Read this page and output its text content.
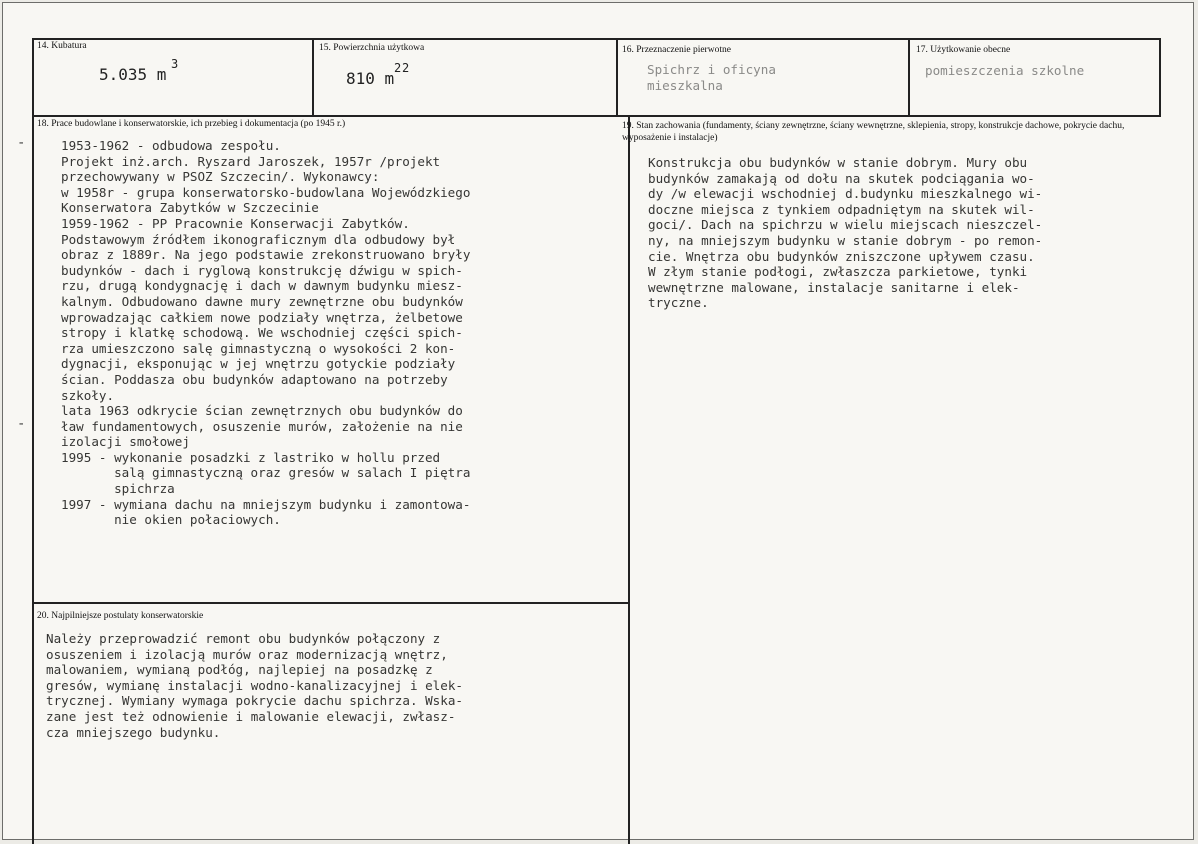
14. Kubatura
5.035 m
3
15. Powierzchnia użytkowa
810 m
2 2
16. Przeznaczenie pierwotne
Spichrz i oficyna
mieszkalna
17. Użytkowanie obecne
pomieszczenia szkolne
18. Prace budowlane i konserwatorskie, ich przebieg i dokumentacja (po 1945 r.)
-
-
1953-1962 - odbudowa zespołu.
Projekt inż.arch. Ryszard Jaroszek, 1957r /projekt
przechowywany w PSOZ Szczecin/. Wykonawcy:
w 1958r - grupa konserwatorsko-budowlana Wojewódzkiego
Konserwatora Zabytków w Szczecinie
1959-1962 - PP Pracownie Konserwacji Zabytków.
Podstawowym źródłem ikonograficznym dla odbudowy był
obraz z 1889r. Na jego podstawie zrekonstruowano bryły
budynków - dach i ryglową konstrukcję dźwigu w spich-
rzu, drugą kondygnację i dach w dawnym budynku miesz-
kalnym. Odbudowano dawne mury zewnętrzne obu budynków
wprowadzając całkiem nowe podziały wnętrza, żelbetowe
stropy i klatkę schodową. We wschodniej części spich-
rza umieszczono salę gimnastyczną o wysokości 2 kon-
dygnacji, eksponując w jej wnętrzu gotyckie podziały
ścian. Poddasza obu budynków adaptowano na potrzeby
szkoły.
lata 1963 odkrycie ścian zewnętrznych obu budynków do
ław fundamentowych, osuszenie murów, założenie na nie
izolacji smołowej
1995 - wykonanie posadzki z lastriko w hollu przed
salą gimnastyczną oraz gresów w salach I piętra
spichrza
1997 - wymiana dachu na mniejszym budynku i zamontowa-
nie okien połaciowych.
19. Stan zachowania (fundamenty, ściany zewnętrzne, ściany wewnętrzne, sklepienia, stropy, konstrukcje dachowe, pokrycie dachu, wyposażenie i instalacje)
Konstrukcja obu budynków w stanie dobrym. Mury obu
budynków zamakają od dołu na skutek podciągania wo-
dy /w elewacji wschodniej d.budynku mieszkalnego wi-
doczne miejsca z tynkiem odpadniętym na skutek wil-
goci/. Dach na spichrzu w wielu miejscach nieszczel-
ny, na mniejszym budynku w stanie dobrym - po remon-
cie. Wnętrza obu budynków zniszczone upływem czasu.
W złym stanie podłogi, zwłaszcza parkietowe, tynki
wewnętrzne malowane, instalacje sanitarne i elek-
tryczne.
20. Najpilniejsze postulaty konserwatorskie
Należy przeprowadzić remont obu budynków połączony z
osuszeniem i izolacją murów oraz modernizacją wnętrz,
malowaniem, wymianą podłóg, najlepiej na posadzkę z
gresów, wymianę instalacji wodno-kanalizacyjnej i elek-
trycznej. Wymiany wymaga pokrycie dachu spichrza. Wska-
zane jest też odnowienie i malowanie elewacji, zwłasz-
cza mniejszego budynku.
